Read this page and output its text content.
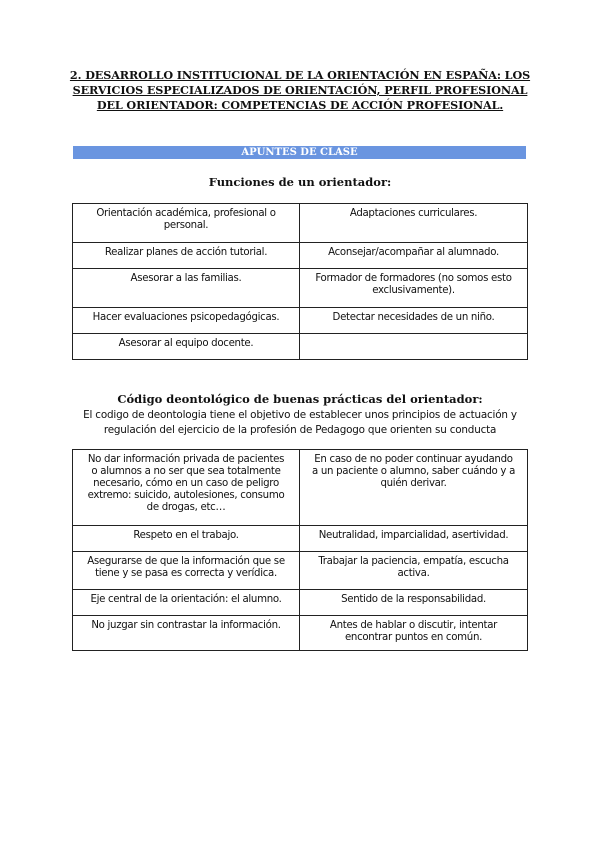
2. DESARROLLO INSTITUCIONAL DE LA ORIENTACIÓN EN ESPAÑA: LOS
SERVICIOS ESPECIALIZADOS DE ORIENTACIÓN, PERFIL PROFESIONAL
DEL ORIENTADOR: COMPETENCIAS DE ACCIÓN PROFESIONAL.
APUNTES DE CLASE
Funciones de un orientador:
Orientación académica, profesional o personal.	Adaptaciones curriculares.
Realizar planes de acción tutorial.	Aconsejar/acompañar al alumnado.
Asesorar a las familias.	Formador de formadores (no somos esto exclusivamente).
Hacer evaluaciones psicopedagógicas.	Detectar necesidades de un niño.
Asesorar al equipo docente.	
Código deontológico de buenas prácticas del orientador:
El codigo de deontologia tiene el objetivo de establecer unos principios de actuación y
regulación del ejercicio de la profesión de Pedagogo que orienten su conducta
No dar información privada de pacientes o alumnos a no ser que sea totalmente necesario, cómo en un caso de peligro extremo: suicido, autolesiones, consumo de drogas, etc…	En caso de no poder continuar ayudando a un paciente o alumno, saber cuándo y a quién derivar.
Respeto en el trabajo.	Neutralidad, imparcialidad, asertividad.
Asegurarse de que la información que se tiene y se pasa es correcta y verídica.	Trabajar la paciencia, empatía, escucha activa.
Eje central de la orientación: el alumno.	Sentido de la responsabilidad.
No juzgar sin contrastar la información.	Antes de hablar o discutir, intentar encontrar puntos en común.
